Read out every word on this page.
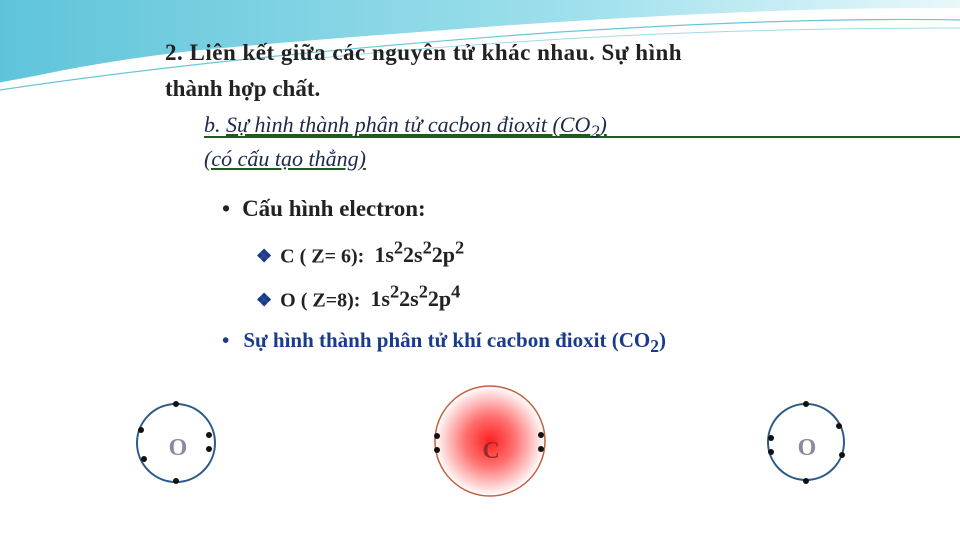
O	C	O
2. Liên kết giữa các nguyên tử khác nhau. Sự hình
thành hợp chất.
b. Sự hình thành phân tử cacbon đioxit $(CO_2)$
(có cấu tạo thẳng)
• Cấu hình electron:
❖ C ( Z= 6): $1s^22s^22p^2$
❖ O ( Z=8): $1s^22s^22p^4$
• Sự hình thành phân tử khí cacbon đioxit $(CO_2)$
